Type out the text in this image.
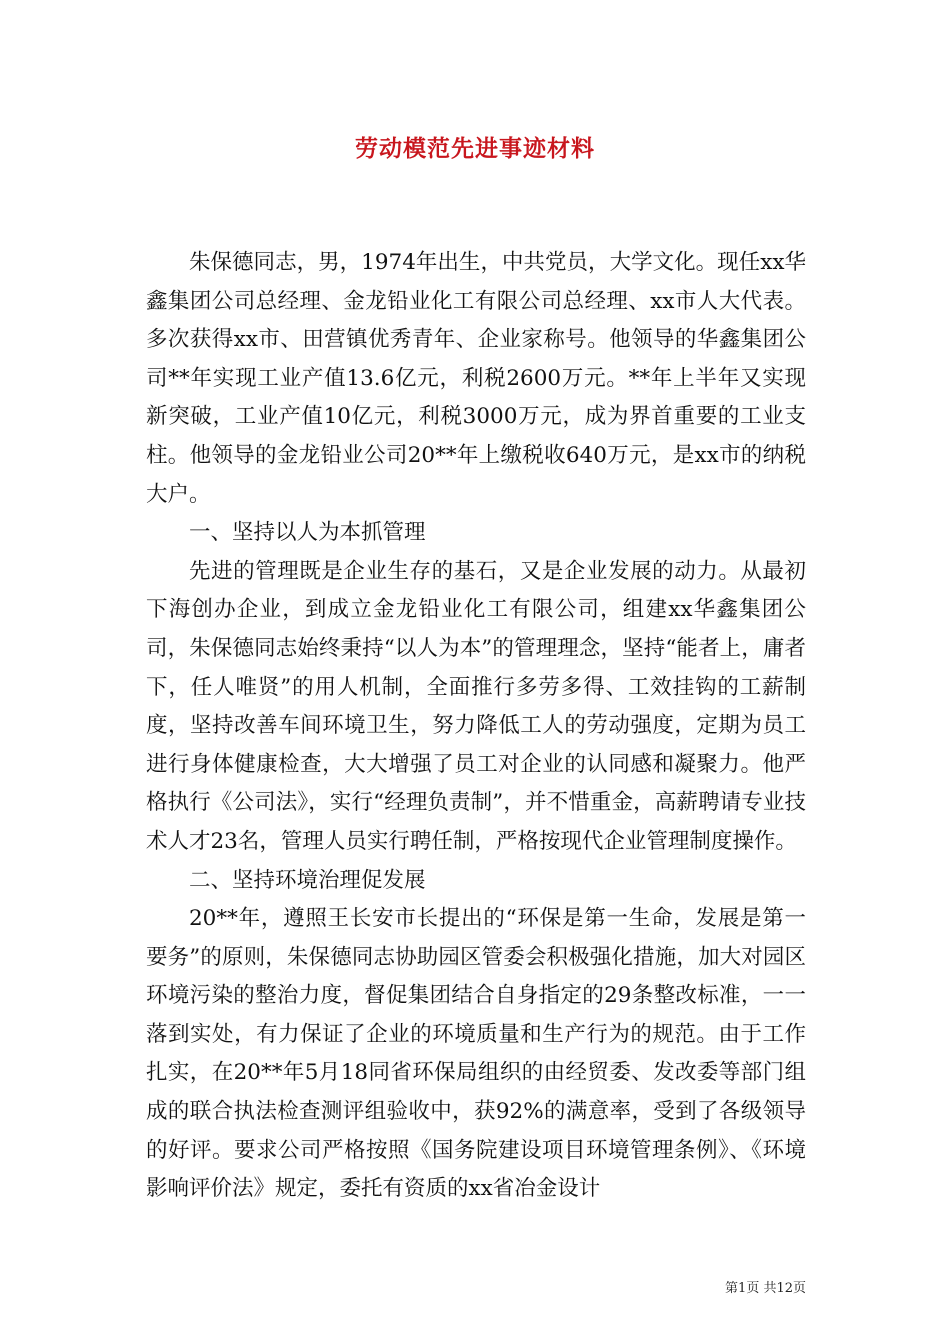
劳动模范先进事迹材料

朱保德同志，男，1974年出生，中共党员，大学文化。现任xx华鑫集团公司总经理、金龙铅业化工有限公司总经理、xx市人大代表。多次获得xx市、田营镇优秀青年、企业家称号。他领导的华鑫集团公司**年实现工业产值13.6亿元，利税2600万元。**年上半年又实现新突破，工业产值10亿元，利税3000万元，成为界首重要的工业支柱。他领导的金龙铅业公司20**年上缴税收640万元，是xx市的纳税大户。

一、坚持以人为本抓管理

先进的管理既是企业生存的基石，又是企业发展的动力。从最初下海创办企业，到成立金龙铅业化工有限公司，组建xx华鑫集团公司，朱保德同志始终秉持“以人为本”的管理理念，坚持“能者上，庸者下，任人唯贤”的用人机制，全面推行多劳多得、工效挂钩的工薪制度，坚持改善车间环境卫生，努力降低工人的劳动强度，定期为员工进行身体健康检查，大大增强了员工对企业的认同感和凝聚力。他严格执行《公司法》，实行“经理负责制”，并不惜重金，高薪聘请专业技术人才23名，管理人员实行聘任制，严格按现代企业管理制度操作。

二、坚持环境治理促发展

20**年，遵照王长安市长提出的“环保是第一生命，发展是第一要务”的原则，朱保德同志协助园区管委会积极强化措施，加大对园区环境污染的整治力度，督促集团结合自身指定的29条整改标准，一一落到实处，有力保证了企业的环境质量和生产行为的规范。由于工作扎实，在20**年5月18同省环保局组织的由经贸委、发改委等部门组成的联合执法检查测评组验收中，获92%的满意率，受到了各级领导的好评。要求公司严格按照《国务院建设项目环境管理条例》、《环境影响评价法》规定，委托有资质的xx省冶金设计

第1页 共12页
